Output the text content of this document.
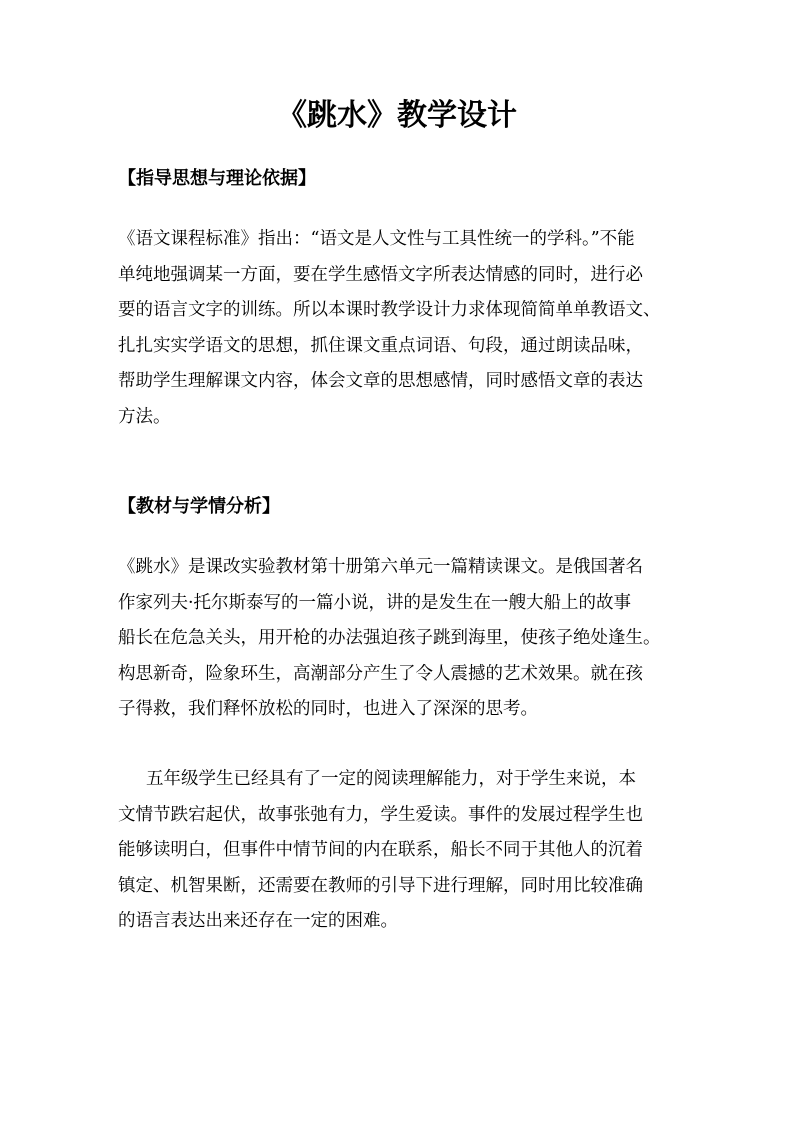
《跳水》教学设计
【指导思想与理论依据】
《语文课程标准》指出：“语文是人文性与工具性统一的学科。”不能
单纯地强调某一方面，要在学生感悟文字所表达情感的同时，进行必
要的语言文字的训练。所以本课时教学设计力求体现简简单单教语文、
扎扎实实学语文的思想，抓住课文重点词语、句段，通过朗读品味，
帮助学生理解课文内容，体会文章的思想感情，同时感悟文章的表达
方法。
【教材与学情分析】
《跳水》是课改实验教材第十册第六单元一篇精读课文。是俄国著名
作家列夫·托尔斯泰写的一篇小说，讲的是发生在一艘大船上的故事
船长在危急关头，用开枪的办法强迫孩子跳到海里，使孩子绝处逢生。
构思新奇，险象环生，高潮部分产生了令人震撼的艺术效果。就在孩
子得救，我们释怀放松的同时，也进入了深深的思考。
五年级学生已经具有了一定的阅读理解能力，对于学生来说，本
文情节跌宕起伏，故事张弛有力，学生爱读。事件的发展过程学生也
能够读明白，但事件中情节间的内在联系，船长不同于其他人的沉着
镇定、机智果断，还需要在教师的引导下进行理解，同时用比较准确
的语言表达出来还存在一定的困难。
